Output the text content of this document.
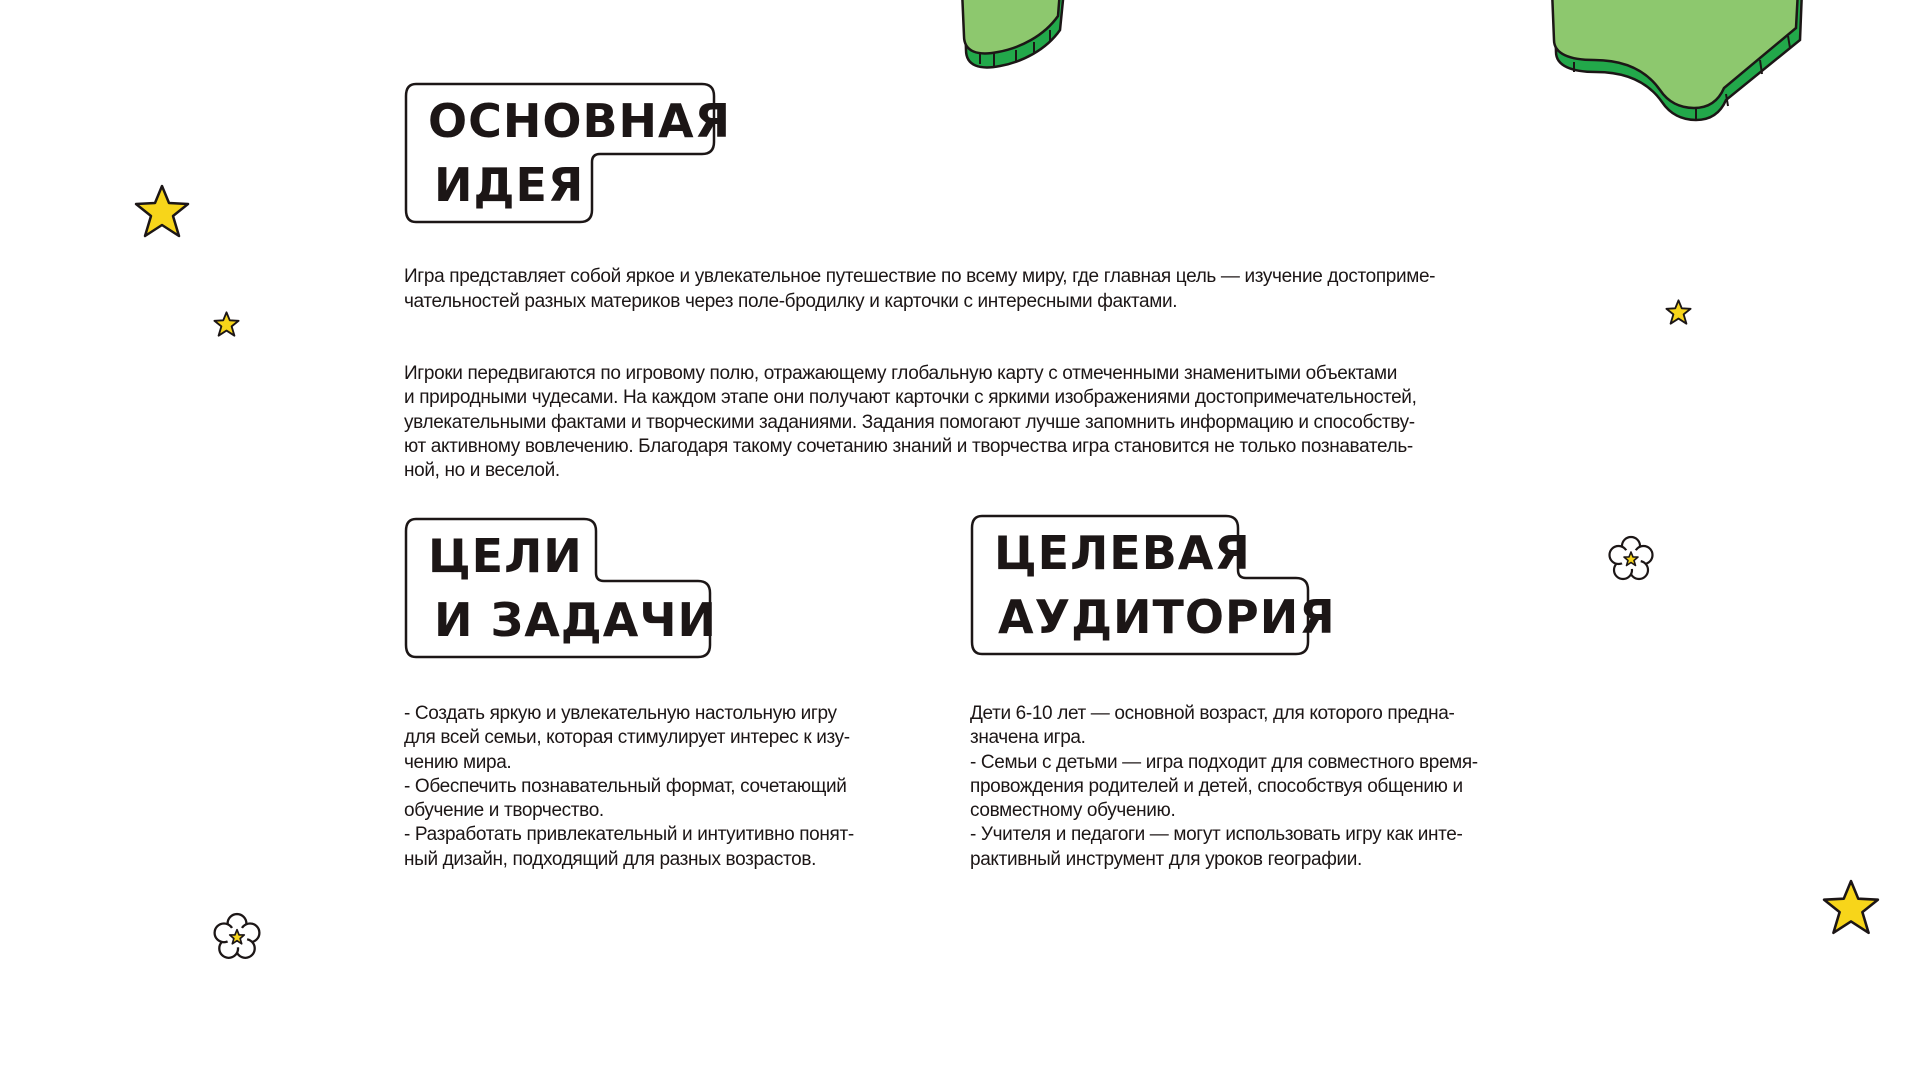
ОСНОВНАЯ
ИДЕЯ

Игра представляет собой яркое и увлекательное путешествие по всему миру, где главная цель — изучение достоприме-
чательностей разных материков через поле-бродилку и карточки с интересными фактами.

Игроки передвигаются по игровому полю, отражающему глобальную карту с отмеченными знаменитыми объектами
и природными чудесами. На каждом этапе они получают карточки с яркими изображениями достопримечательностей,
увлекательными фактами и творческими заданиями. Задания помогают лучше запомнить информацию и способству-
ют активному вовлечению. Благодаря такому сочетанию знаний и творчества игра становится не только познаватель-
ной, но и веселой.

ЦЕЛИ
И ЗАДАЧИ

- Создать яркую и увлекательную настольную игру
для всей семьи, которая стимулирует интерес к изу-
чению мира.
- Обеспечить познавательный формат, сочетающий
обучение и творчество.
- Разработать привлекательный и интуитивно понят-
ный дизайн, подходящий для разных возрастов.

ЦЕЛЕВАЯ
АУДИТОРИЯ

Дети 6-10 лет — основной возраст, для которого предна-
значена игра.
- Семьи с детьми — игра подходит для совместного время-
провождения родителей и детей, способствуя общению и
совместному обучению.
- Учителя и педагоги — могут использовать игру как инте-
рактивный инструмент для уроков географии.
